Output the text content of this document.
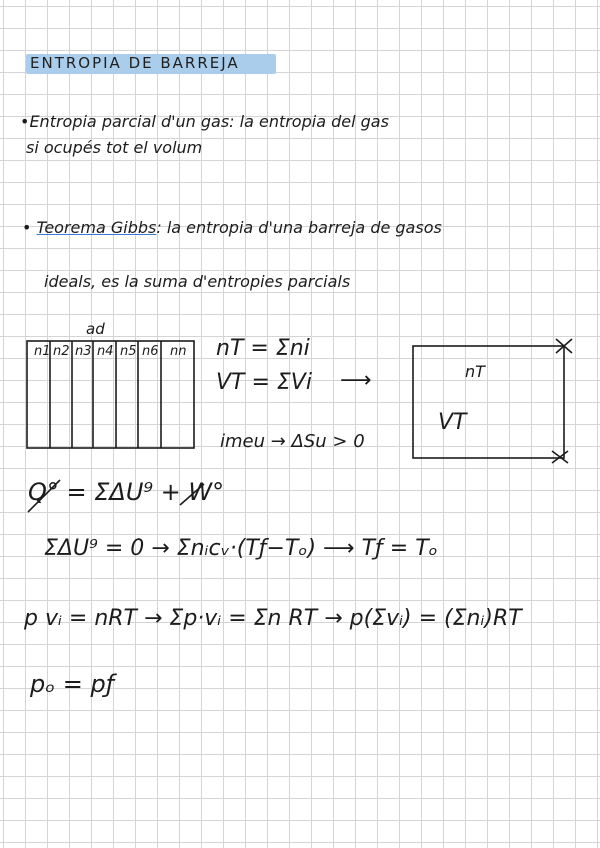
ENTROPIA DE BARREJA
•Entropia parcial d'un gas: la entropia del gas
si ocupés tot el volum
• Teorema Gibbs: la entropia d'una barreja de gasos
ideals, es la suma d'entropies parcials
ad
n1 n2 n3 n4 n5 n6 nn nT = Σni
VT = ΣVi ⟶
imeu → ΔSu > 0
nT
VT
Q° = ΣΔU⁹ + W°
ΣΔU⁹ = 0 → Σnᵢcᵥ·(Tƒ−Tₒ) ⟶ Tƒ = Tₒ
p vᵢ = nRT → Σp·vᵢ = Σn RT → p(Σvᵢ) = (Σnᵢ)RT
pₒ = pƒ
